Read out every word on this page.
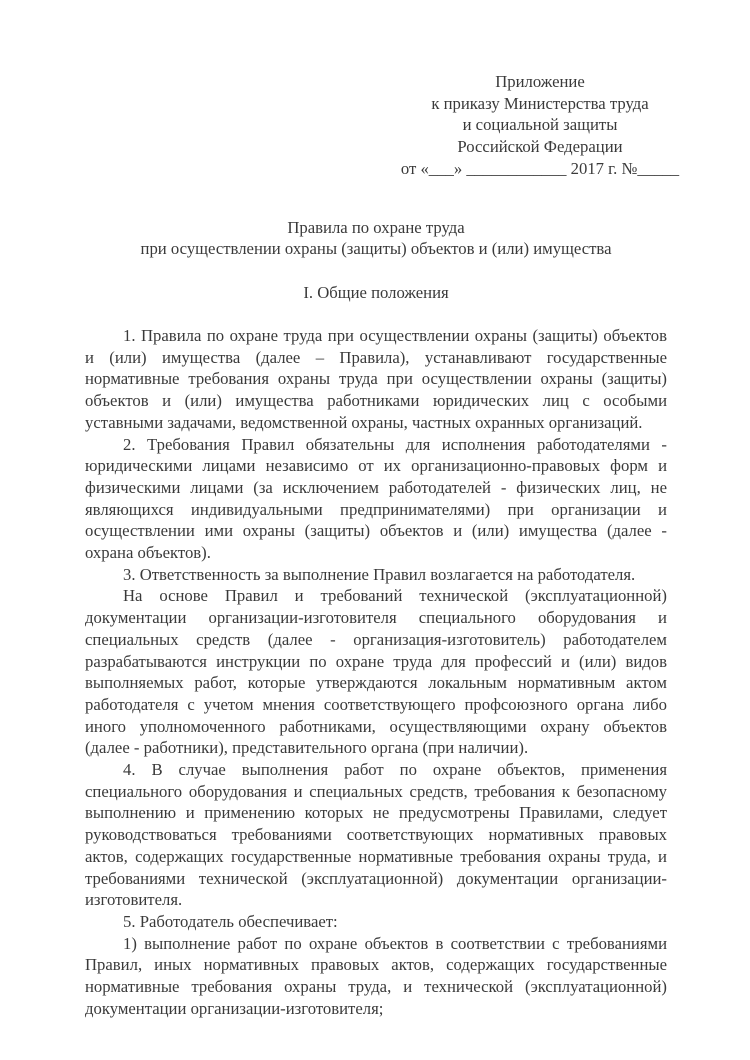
Приложение
к приказу Министерства труда
и социальной защиты
Российской Федерации
от «___» ____________ 2017 г. №_____
Правила по охране труда
при осуществлении охраны (защиты) объектов и (или) имущества
I. Общие положения

1. Правила по охране труда при осуществлении охраны (защиты) объектов и (или) имущества (далее – Правила), устанавливают государственные нормативные требования охраны труда при осуществлении охраны (защиты) объектов и (или) имущества работниками юридических лиц с особыми уставными задачами, ведомственной охраны, частных охранных организаций.

2. Требования Правил обязательны для исполнения работодателями - юридическими лицами независимо от их организационно-правовых форм и физическими лицами (за исключением работодателей - физических лиц, не являющихся индивидуальными предпринимателями) при организации и осуществлении ими охраны (защиты) объектов и (или) имущества (далее - охрана объектов).

3. Ответственность за выполнение Правил возлагается на работодателя.

На основе Правил и требований технической (эксплуатационной) документации организации-изготовителя специального оборудования и специальных средств (далее - организация-изготовитель) работодателем разрабатываются инструкции по охране труда для профессий и (или) видов выполняемых работ, которые утверждаются локальным нормативным актом работодателя с учетом мнения соответствующего профсоюзного органа либо иного уполномоченного работниками, осуществляющими охрану объектов (далее - работники), представительного органа (при наличии).

4. В случае выполнения работ по охране объектов, применения специального оборудования и специальных средств, требования к безопасному выполнению и применению которых не предусмотрены Правилами, следует руководствоваться требованиями соответствующих нормативных правовых актов, содержащих государственные нормативные требования охраны труда, и требованиями технической (эксплуатационной) документации организации-изготовителя.

5. Работодатель обеспечивает:

1) выполнение работ по охране объектов в соответствии с требованиями Правил, иных нормативных правовых актов, содержащих государственные нормативные требования охраны труда, и технической (эксплуатационной) документации организации-изготовителя;
